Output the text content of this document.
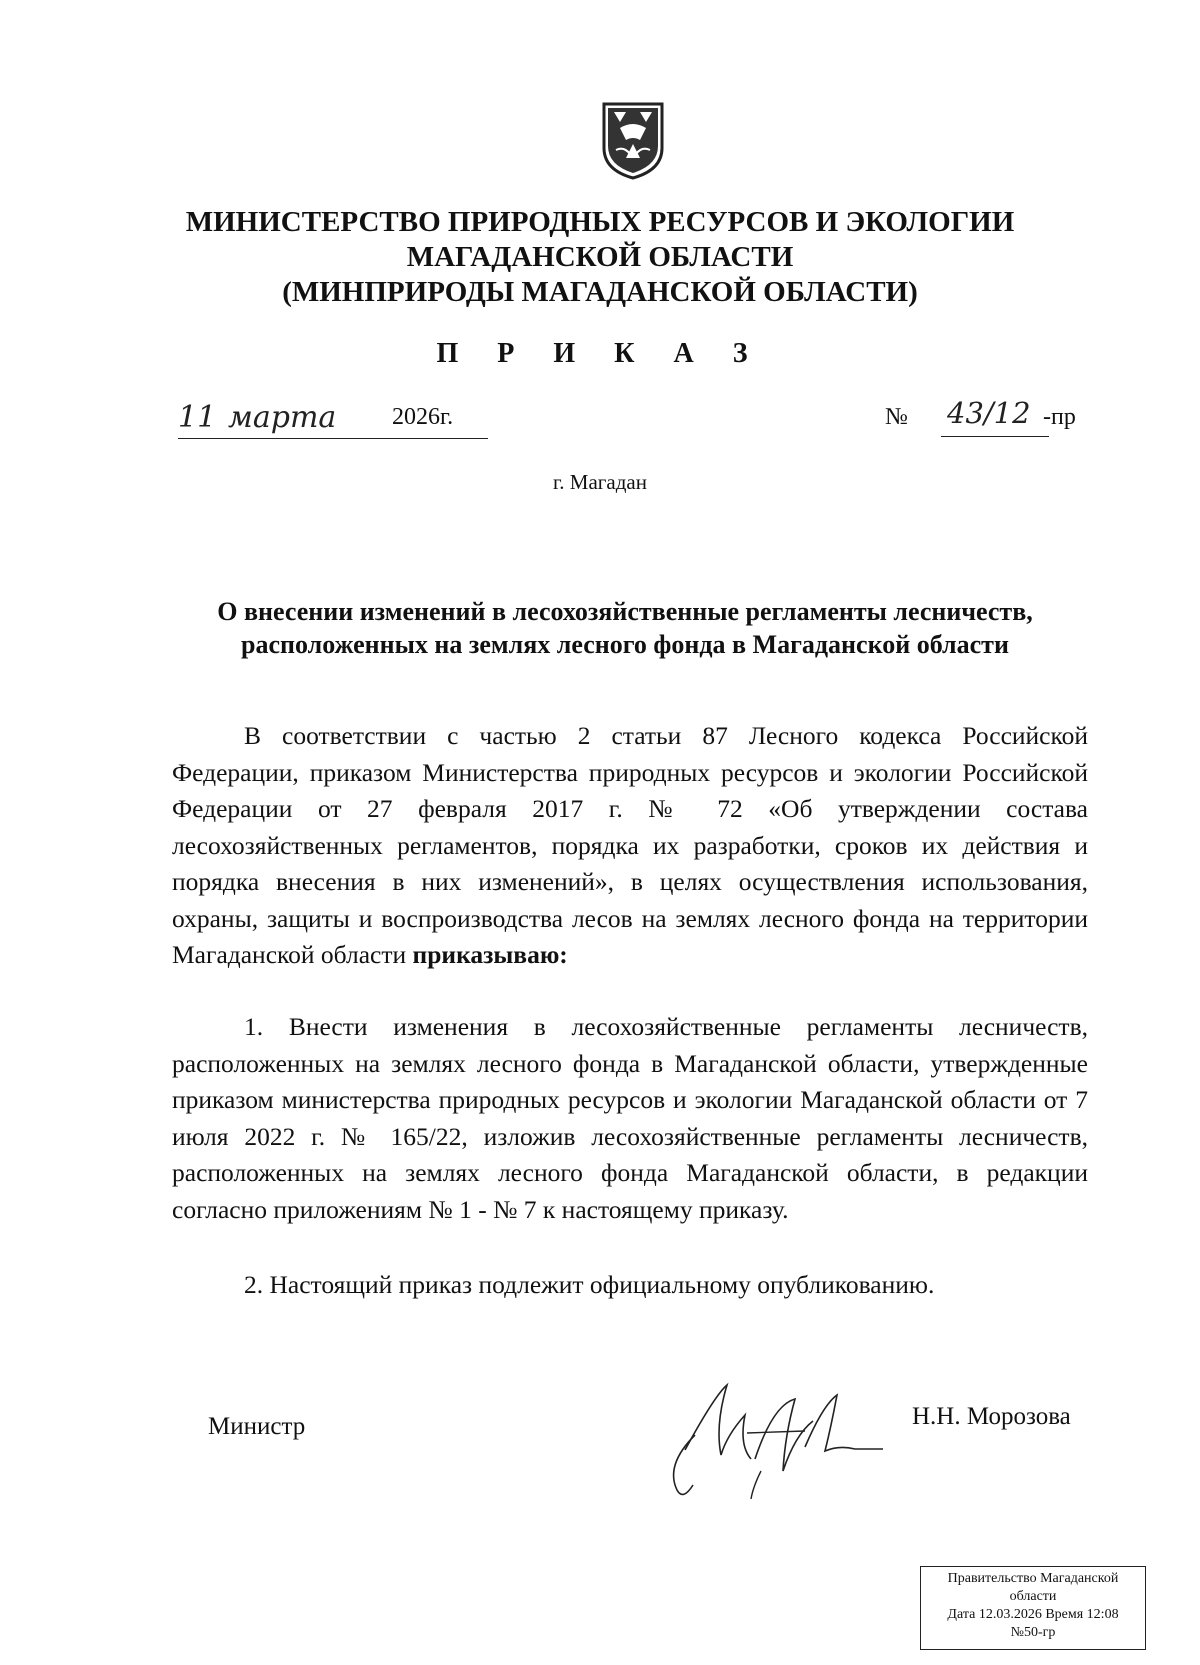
МИНИСТЕРСТВО ПРИРОДНЫХ РЕСУРСОВ И ЭКОЛОГИИ
МАГАДАНСКОЙ ОБЛАСТИ
(МИНПРИРОДЫ МАГАДАНСКОЙ ОБЛАСТИ)
П Р И К А З
11 марта 2026г.	№ 43/12 -пр
г. Магадан
О внесении изменений в лесохозяйственные регламенты лесничеств,
расположенных на землях лесного фонда в Магаданской области
В соответствии с частью 2 статьи 87 Лесного кодекса Российской Федерации, приказом Министерства природных ресурсов и экологии Российской Федерации от 27 февраля 2017 г. № 72 «Об утверждении состава лесохозяйственных регламентов, порядка их разработки, сроков их действия и порядка внесения в них изменений», в целях осуществления использования, охраны, защиты и воспроизводства лесов на землях лесного фонда на территории Магаданской области приказываю:
1. Внести изменения в лесохозяйственные регламенты лесничеств, расположенных на землях лесного фонда в Магаданской области, утвержденные приказом министерства природных ресурсов и экологии Магаданской области от 7 июля 2022 г. № 165/22, изложив лесохозяйственные регламенты лесничеств, расположенных на землях лесного фонда Магаданской области, в редакции согласно приложениям № 1 - № 7 к настоящему приказу.
2. Настоящий приказ подлежит официальному опубликованию.
Министр	Н.Н. Морозова
Правительство Магаданской
области
Дата 12.03.2026 Время 12:08
№50-гр
